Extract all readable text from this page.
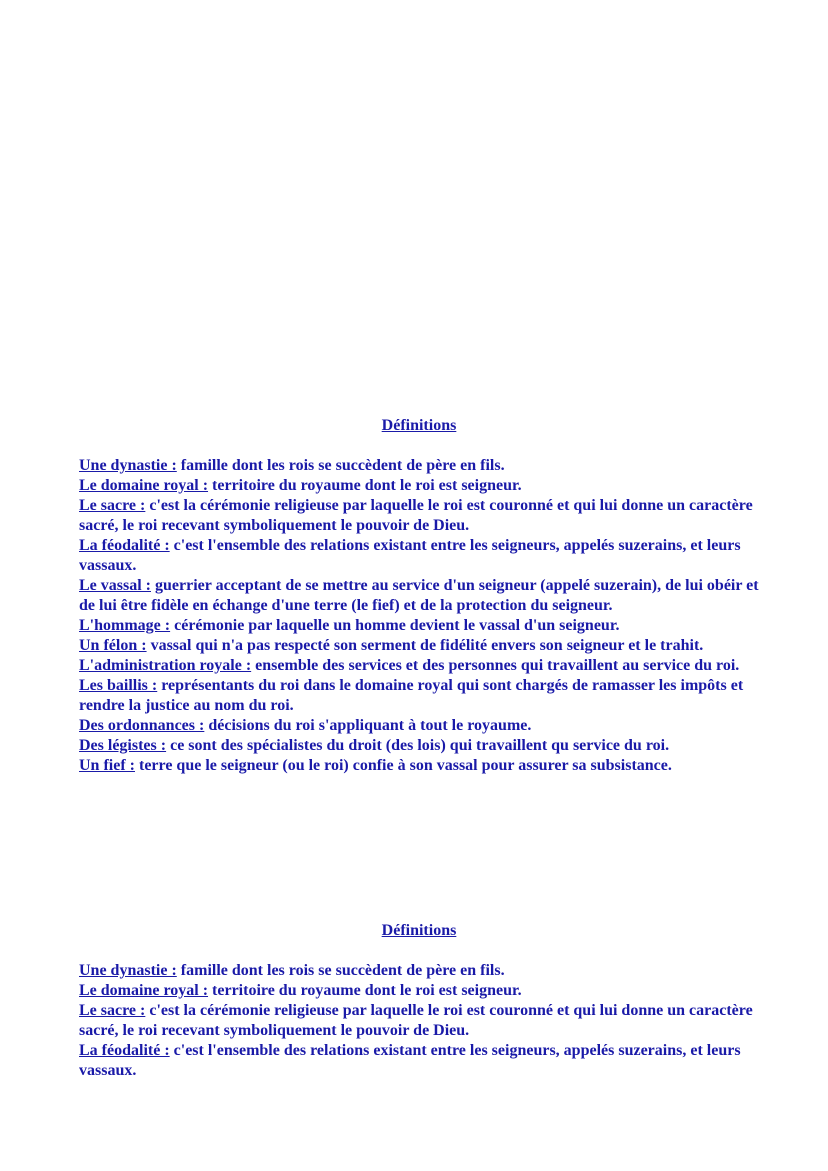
Définitions

Une dynastie : famille dont les rois se succèdent de père en fils.

Le domaine royal : territoire du royaume dont le roi est seigneur.

Le sacre : c'est la cérémonie religieuse par laquelle le roi est couronné et qui lui donne un caractère sacré, le roi recevant symboliquement le pouvoir de Dieu.

La féodalité : c'est l'ensemble des relations existant entre les seigneurs, appelés suzerains, et leurs vassaux.

Le vassal : guerrier acceptant de se mettre au service d'un seigneur (appelé suzerain), de lui obéir et de lui être fidèle en échange d'une terre (le fief) et de la protection du seigneur.

L'hommage : cérémonie par laquelle un homme devient le vassal d'un seigneur.

Un félon : vassal qui n'a pas respecté son serment de fidélité envers son seigneur et le trahit.

L'administration royale : ensemble des services et des personnes qui travaillent au service du roi.

Les baillis : représentants du roi dans le domaine royal qui sont chargés de ramasser les impôts et rendre la justice au nom du roi.

Des ordonnances : décisions du roi s'appliquant à tout le royaume.

Des légistes : ce sont des spécialistes du droit (des lois) qui travaillent qu service du roi.

Un fief : terre que le seigneur (ou le roi) confie à son vassal pour assurer sa subsistance.

Définitions

Une dynastie : famille dont les rois se succèdent de père en fils.

Le domaine royal : territoire du royaume dont le roi est seigneur.

Le sacre : c'est la cérémonie religieuse par laquelle le roi est couronné et qui lui donne un caractère sacré, le roi recevant symboliquement le pouvoir de Dieu.

La féodalité : c'est l'ensemble des relations existant entre les seigneurs, appelés suzerains, et leurs vassaux.
